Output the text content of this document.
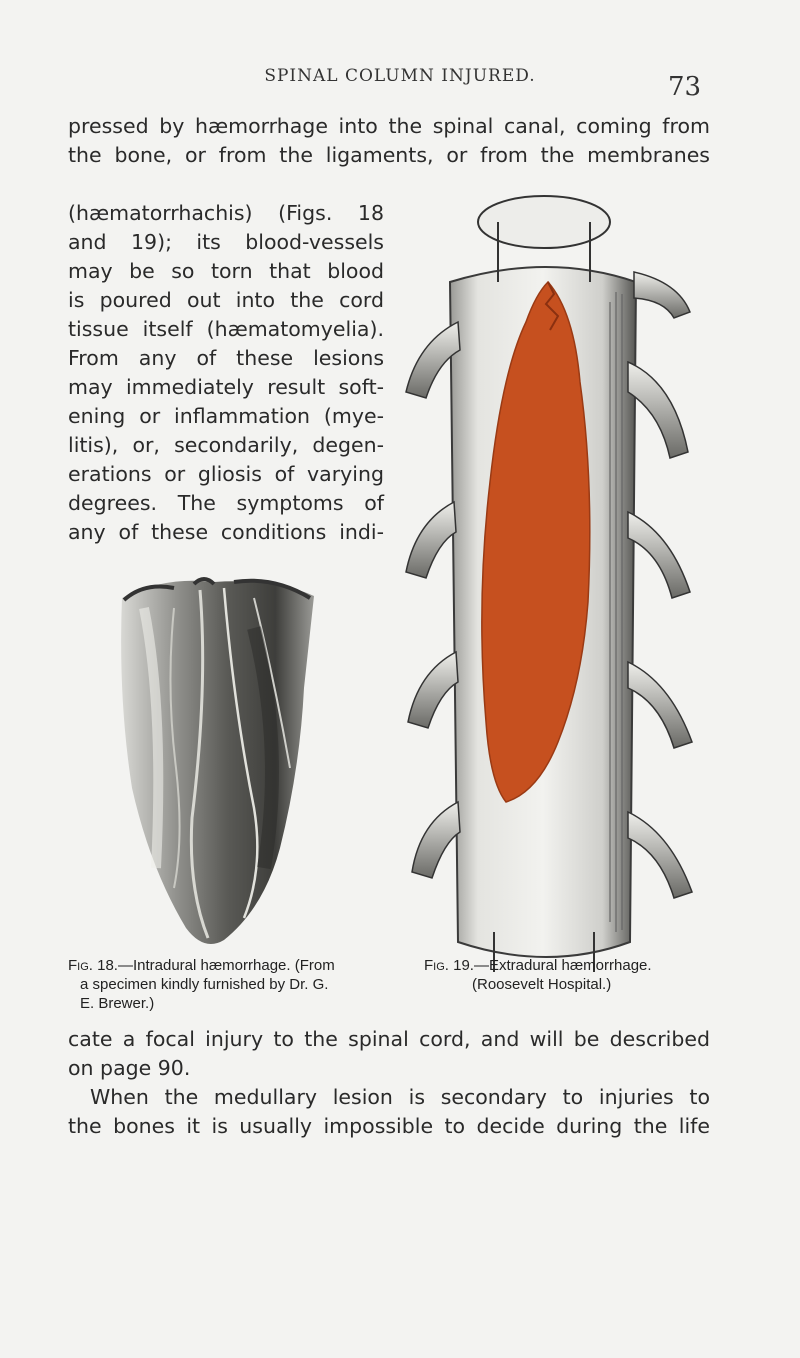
SPINAL COLUMN INJURED.	73
pressed by hæmorrhage into the spinal canal, coming from
the bone, or from the ligaments, or from the membranes
(hæmatorrhachis) (Figs. 18
and 19); its blood-vessels
may be so torn that blood
is poured out into the cord
tissue itself (hæmatomyelia).
From any of these lesions
may immediately result soft-
ening or inflammation (mye-
litis), or, secondarily, degen-
erations or gliosis of varying
degrees. The symptoms of
any of these conditions indi-
Fig. 18.—Intradural hæmorrhage. (From
a specimen kindly furnished by Dr. G.
E. Brewer.)
Fig. 19.—Extradural hæmorrhage.
(Roosevelt Hospital.)
cate a focal injury to the spinal cord, and will be described
on page 90.
When the medullary lesion is secondary to injuries to
the bones it is usually impossible to decide during the life
